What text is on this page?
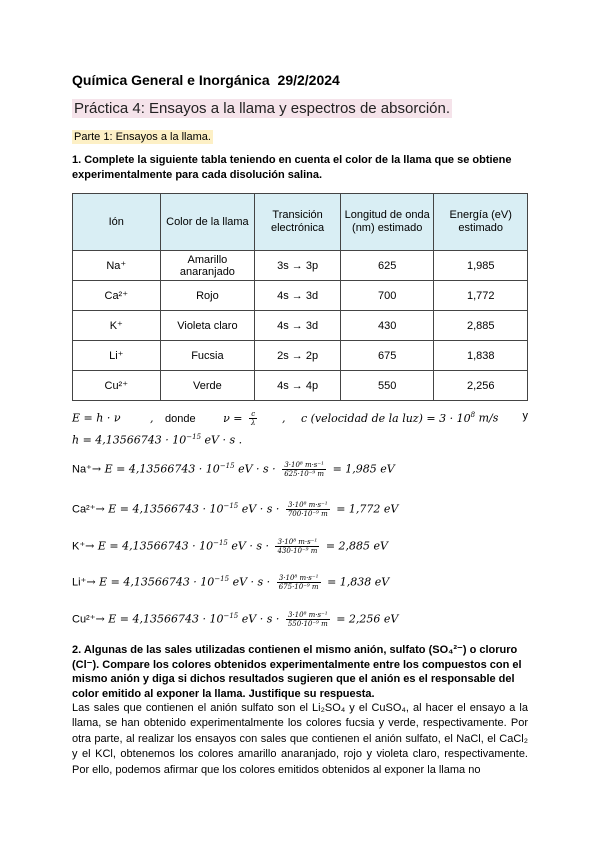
Química General e Inorgánica 29/2/2024
Práctica 4: Ensayos a la llama y espectros de absorción.
Parte 1: Ensayos a la llama.
1. Complete la siguiente tabla teniendo en cuenta el color de la llama que se obtiene experimentalmente para cada disolución salina.
Ión	Color de la llama	Transición electrónica	Longitud de onda (nm) estimado	Energía (eV) estimado
Na⁺	Amarillo anaranjado	3s → 3p	625	1,985
Ca²⁺	Rojo	4s → 3d	700	1,772
K⁺	Violeta claro	4s → 3d	430	2,885
Li⁺	Fucsia	2s → 2p	675	1,838
Cu²⁺	Verde	4s → 4p	550	2,256
E = h · ν	, donde	$\nu = \frac{c}{\lambda}$ , c (velocidad de la $luz) = 3 \cdot 10^8$ m/s y
$h = 4,13566743 \cdot 10^{-15}$ eV · s .
$Na^+\to E = 4,13566743 \cdot 10^{-15}$ eV · $s \cdot \frac{\text{3·10⁸ m·s⁻¹}}{\text{625·10⁻⁹ m}} = 1,985$ eV
$Ca^{2+}\to E = 4,13566743 \cdot 10^{-15}$ eV · $s \cdot \frac{\text{3·10⁸ m·s⁻¹}}{\text{700·10⁻⁹ m}} = 1,772$ eV
$K^+\to E = 4,13566743 \cdot 10^{-15}$ eV · $s \cdot \frac{\text{3·10⁸ m·s⁻¹}}{\text{430·10⁻⁹ m}} = 2,885$ eV
$Li^+\to E = 4,13566743 \cdot 10^{-15}$ eV · $s \cdot \frac{\text{3·10⁸ m·s⁻¹}}{\text{675·10⁻⁹ m}} = 1,838$ eV
$Cu^{2+}\to E = 4,13566743 \cdot 10^{-15}$ eV · $s \cdot \frac{\text{3·10⁸ m·s⁻¹}}{\text{550·10⁻⁹ m}} = 2,256$ eV
2. Algunas de las sales utilizadas contienen el mismo anión, sulfato (SO₄²⁻) o cloruro (Cl⁻). Compare los colores obtenidos experimentalmente entre los compuestos con el mismo anión y diga si dichos resultados sugieren que el anión es el responsable del color emitido al exponer la llama. Justifique su respuesta.
Las sales que contienen el anión sulfato son el Li₂SO₄ y el CuSO₄, al hacer el ensayo a la llama, se han obtenido experimentalmente los colores fucsia y verde, respectivamente. Por otra parte, al realizar los ensayos con sales que contienen el anión sulfato, el NaCl, el CaCl₂ y el KCl, obtenemos los colores amarillo anaranjado, rojo y violeta claro, respectivamente. Por ello, podemos afirmar que los colores emitidos obtenidos al exponer la llama no
